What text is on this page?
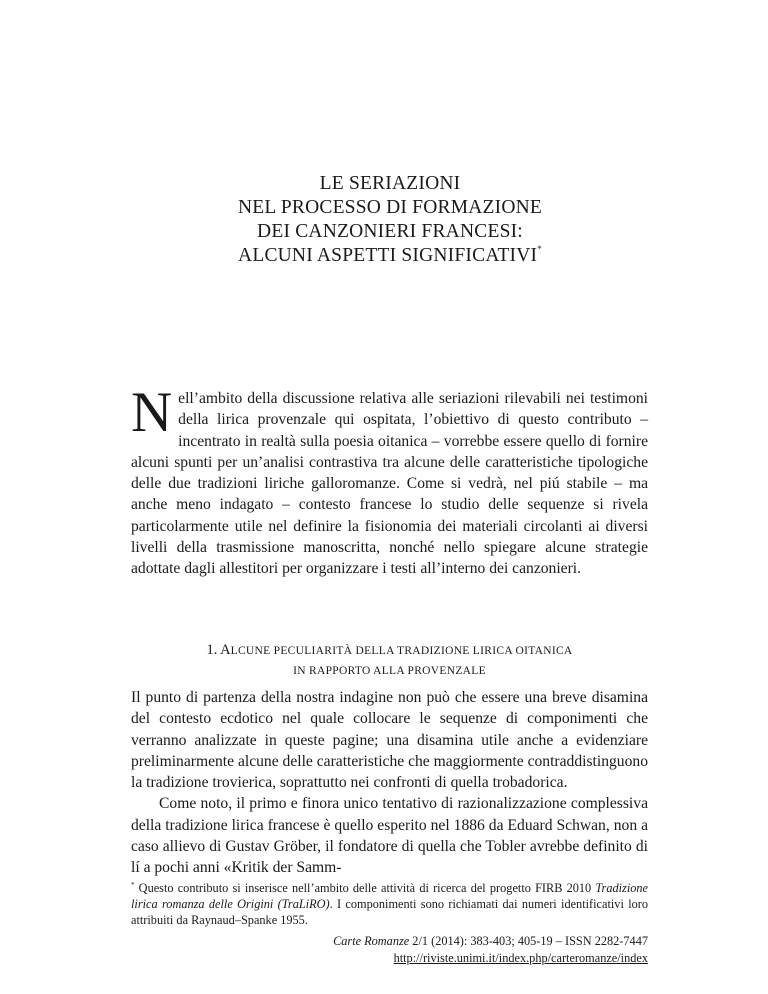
LE SERIAZIONI
NEL PROCESSO DI FORMAZIONE
DEI CANZONIERI FRANCESI:
ALCUNI ASPETTI SIGNIFICATIVI*
Nell’ambito della discussione relativa alle seriazioni rilevabili nei testimoni della lirica provenzale qui ospitata, l’obiettivo di questo contributo – incentrato in realtà sulla poesia oitanica – vorrebbe essere quello di fornire alcuni spunti per un’analisi contrastiva tra alcune delle caratteristiche tipologiche delle due tradizioni liriche galloromanze. Come si vedrà, nel piú stabile – ma anche meno indagato – contesto francese lo studio delle sequenze si rivela particolarmente utile nel definire la fisionomia dei materiali circolanti ai diversi livelli della trasmissione manoscritta, nonché nello spiegare alcune strategie adottate dagli allestitori per organizzare i testi all’interno dei canzonieri.
1. ALCUNE PECULIARITÀ DELLA TRADIZIONE LIRICA OITANICA
IN RAPPORTO ALLA PROVENZALE
Il punto di partenza della nostra indagine non può che essere una breve disamina del contesto ecdotico nel quale collocare le sequenze di componimenti che verranno analizzate in queste pagine; una disamina utile anche a evidenziare preliminarmente alcune delle caratteristiche che maggiormente contraddistinguono la tradizione trovierica, soprattutto nei confronti di quella trobadorica.
Come noto, il primo e finora unico tentativo di razionalizzazione complessiva della tradizione lirica francese è quello esperito nel 1886 da Eduard Schwan, non a caso allievo di Gustav Gröber, il fondatore di quella che Tobler avrebbe definito di lí a pochi anni «Kritik der Samm-
* Questo contributo si inserisce nell’ambito delle attività di ricerca del progetto FIRB 2010 Tradizione lirica romanza delle Origini (TraLiRO). I componimenti sono richiamati dai numeri identificativi loro attribuiti da Raynaud–Spanke 1955.
Carte Romanze 2/1 (2014): 383-403; 405-19 – ISSN 2282-7447
http://riviste.unimi.it/index.php/carteromanze/index
